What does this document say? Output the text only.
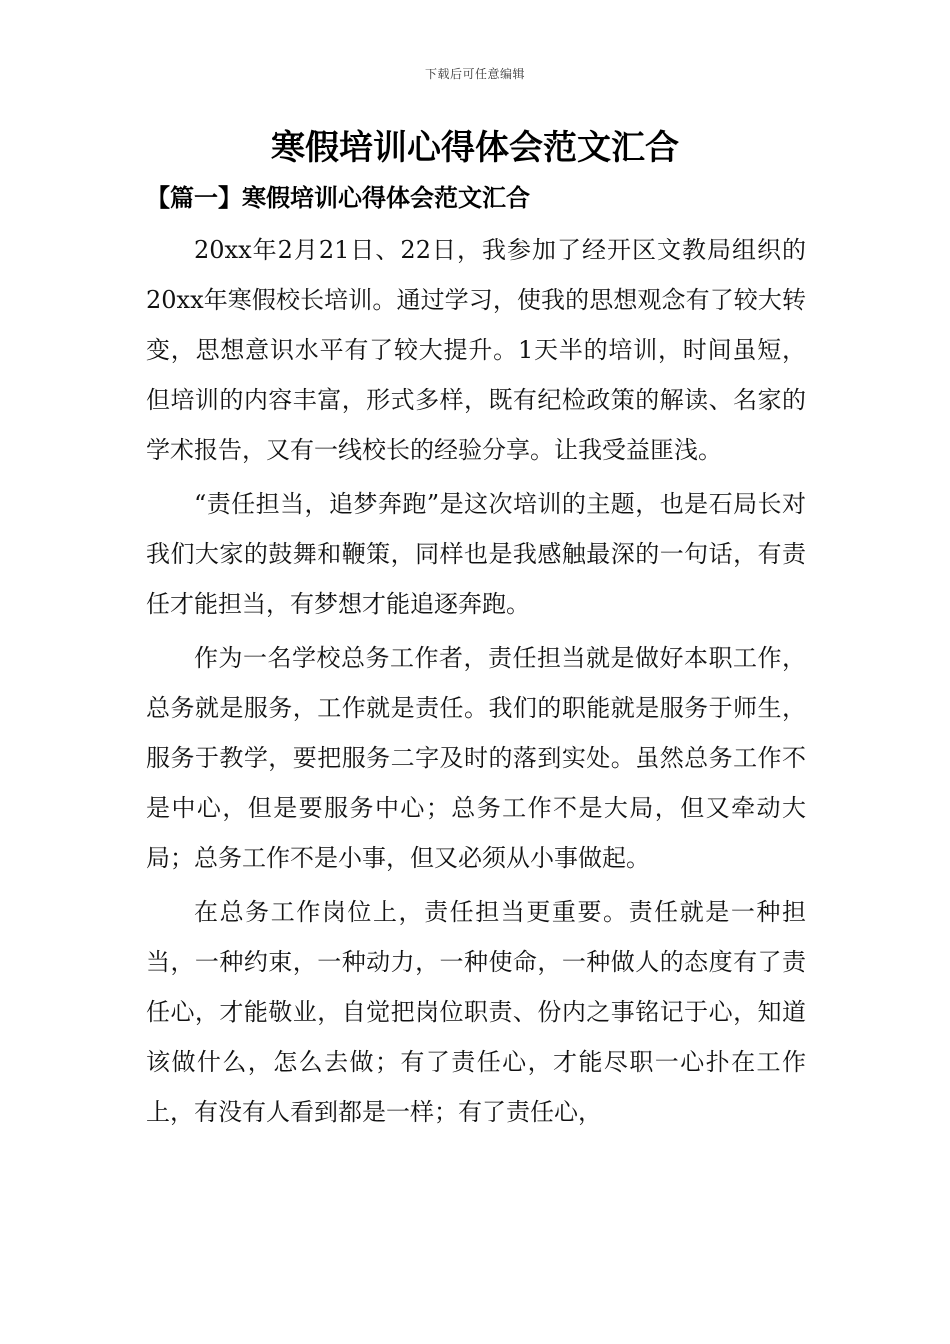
下载后可任意编辑
寒假培训心得体会范文汇合
【篇一】寒假培训心得体会范文汇合

20xx年2月21日、22日，我参加了经开区文教局组织的20xx年寒假校长培训。通过学习，使我的思想观念有了较大转变，思想意识水平有了较大提升。1天半的培训，时间虽短，但培训的内容丰富，形式多样，既有纪检政策的解读、名家的学术报告，又有一线校长的经验分享。让我受益匪浅。

“责任担当，追梦奔跑”是这次培训的主题，也是石局长对我们大家的鼓舞和鞭策，同样也是我感触最深的一句话，有责任才能担当，有梦想才能追逐奔跑。

作为一名学校总务工作者，责任担当就是做好本职工作，总务就是服务，工作就是责任。我们的职能就是服务于师生，服务于教学，要把服务二字及时的落到实处。虽然总务工作不是中心，但是要服务中心；总务工作不是大局，但又牵动大局；总务工作不是小事，但又必须从小事做起。

在总务工作岗位上，责任担当更重要。责任就是一种担当，一种约束，一种动力，一种使命，一种做人的态度有了责任心，才能敬业，自觉把岗位职责、份内之事铭记于心，知道该做什么，怎么去做；有了责任心，才能尽职一心扑在工作上，有没有人看到都是一样；有了责任心，
